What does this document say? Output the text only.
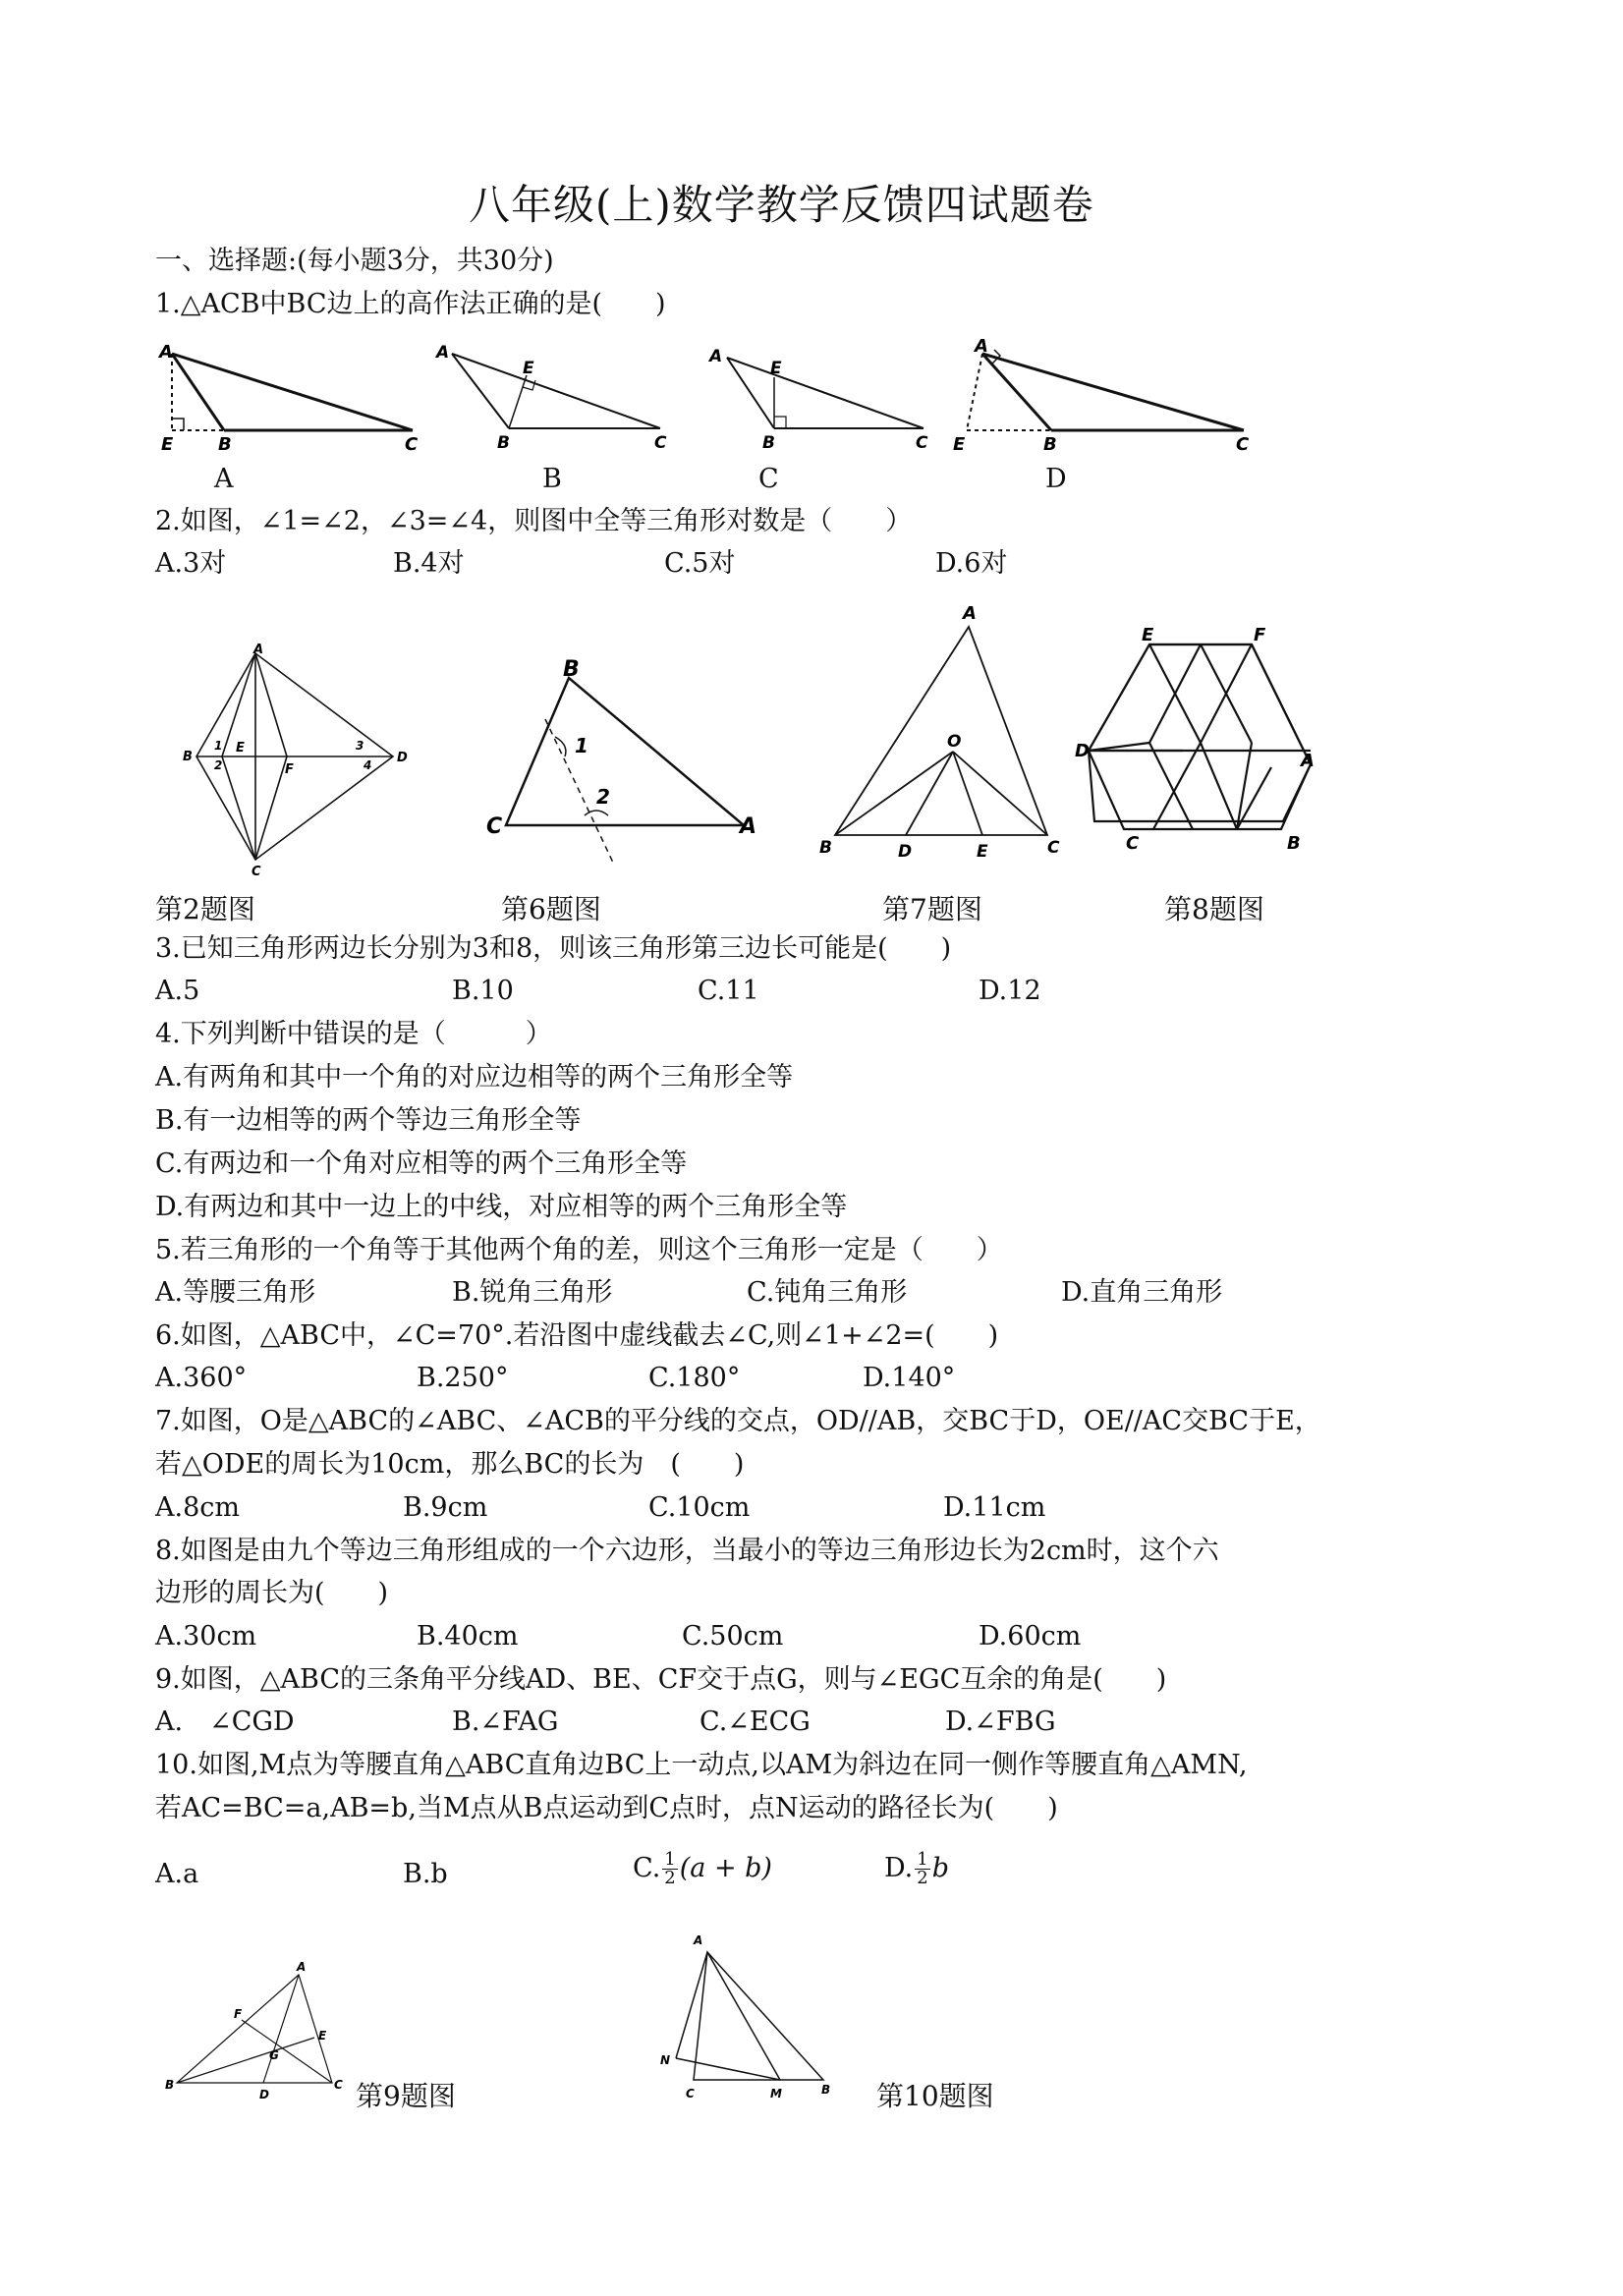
八年级(上)数学教学反馈四试题卷
一、选择题:(每小题3分，共30分)
1.△ACB中BC边上的高作法正确的是(　　)
A
E	B	C
A
A
E
B	C
B
A
E
B	C
C
A
E	B	C
D
2.如图，∠1=∠2，∠3=∠4，则图中全等三角形对数是（　　）
A.3对	B.4对	C.5对	D.6对
A
B
C
D
E
F
1
2
3
4
第2题图
B
C	A
1
2
第6题图
A
B	C
D	E
O
第7题图
E	F
D	A
C	B
第8题图
3.已知三角形两边长分别为3和8，则该三角形第三边长可能是(　　)
A.5	B.10	C.11	D.12
4.下列判断中错误的是（　　　）
A.有两角和其中一个角的对应边相等的两个三角形全等
B.有一边相等的两个等边三角形全等
C.有两边和一个角对应相等的两个三角形全等
D.有两边和其中一边上的中线，对应相等的两个三角形全等
5.若三角形的一个角等于其他两个角的差，则这个三角形一定是（　　）
A.等腰三角形	B.锐角三角形	C.钝角三角形	D.直角三角形
6.如图，△ABC中，∠C=70°.若沿图中虚线截去∠C,则∠1+∠2=(　　)
A.360°	B.250°	C.180°	D.140°
7.如图，O是△ABC的∠ABC、∠ACB的平分线的交点，OD//AB，交BC于D，OE//AC交BC于E，
若△ODE的周长为10cm，那么BC的长为　(　　)
A.8cm	B.9cm	C.10cm	D.11cm
8.如图是由九个等边三角形组成的一个六边形，当最小的等边三角形边长为2cm时，这个六
边形的周长为(　　)
A.30cm	B.40cm	C.50cm	D.60cm
9.如图，△ABC的三条角平分线AD、BE、CF交于点G，则与∠EGC互余的角是(　　)
A.　∠CGD	B.∠FAG	C.∠ECG	D.∠FBG
10.如图,M点为等腰直角△ABC直角边BC上一动点,以AM为斜边在同一侧作等腰直角△AMN,
若AC=BC=a,AB=b,当M点从B点运动到C点时，点N运动的路径长为(　　)
A.a	B.b	C. $\frac{1}{2} (a + b)$	D. $\frac{1}{2}$ b
A
B	C
D
E
F
G
第9题图
A
N
C	M	B 第10题图
